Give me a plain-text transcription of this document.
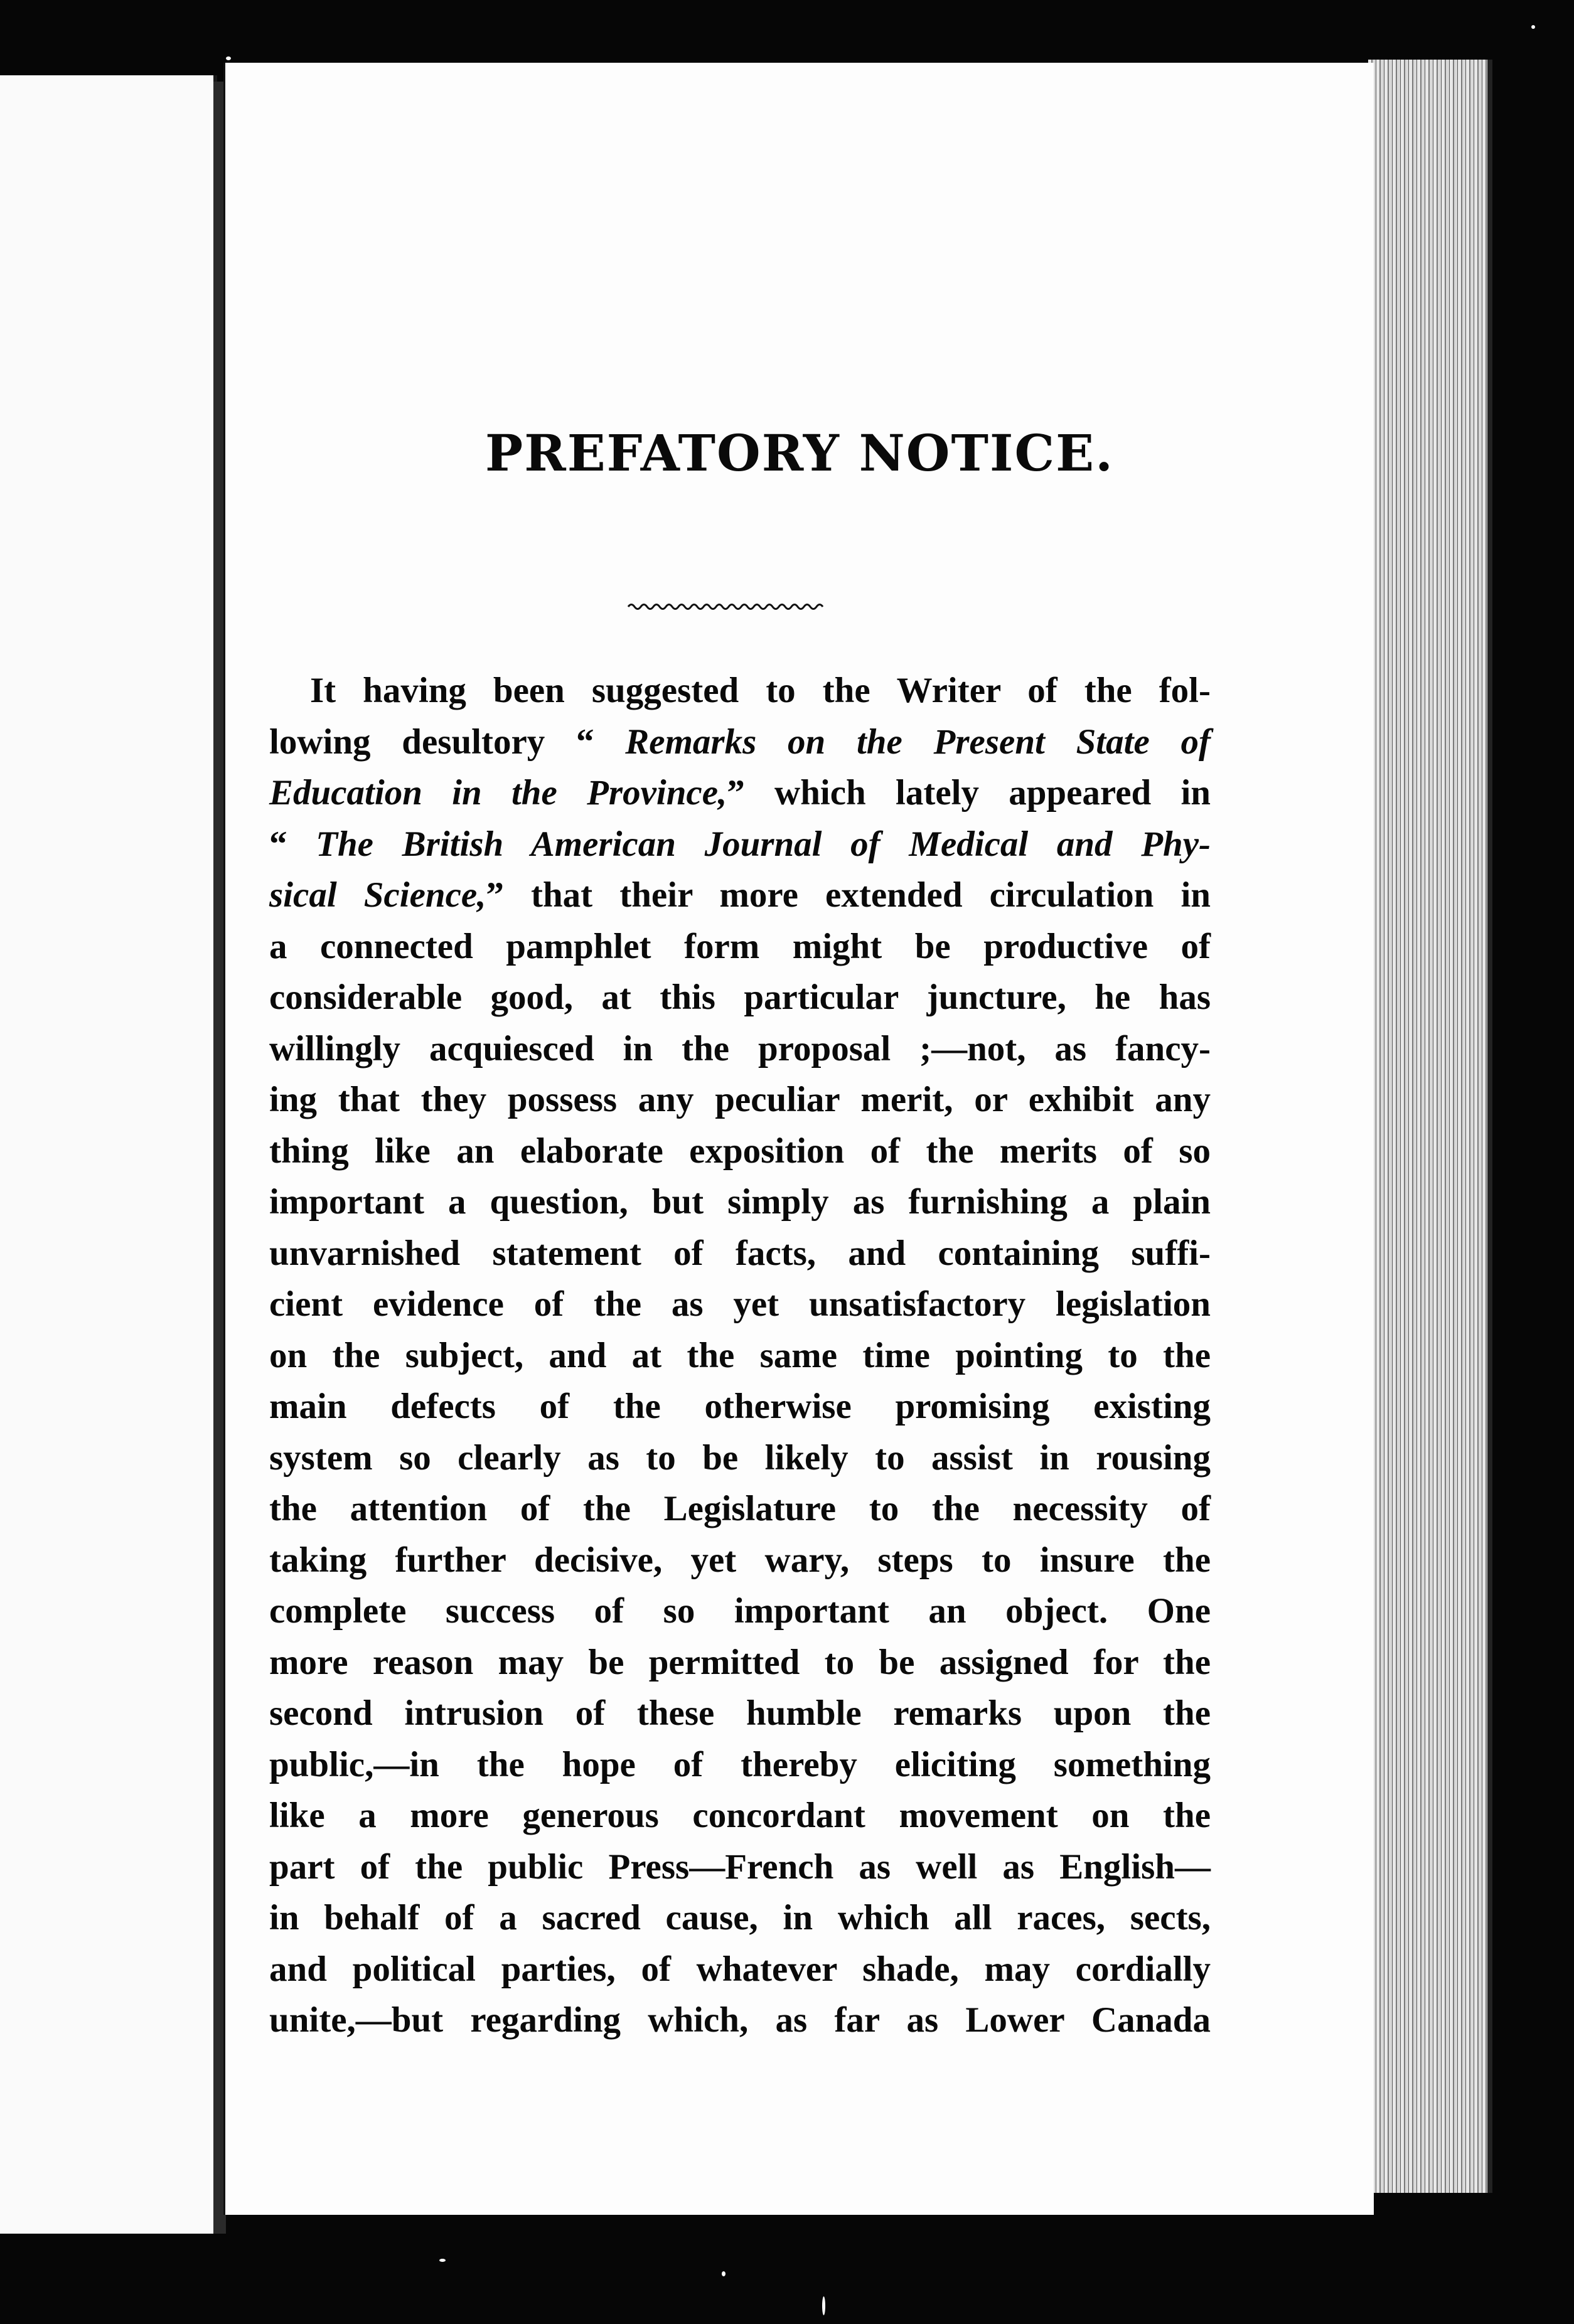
PREFATORY NOTICE.
It having been suggested to the Writer of the fol-
lowing desultory “ Remarks on the Present State of
Education in the Province,” which lately appeared in
“ The British American Journal of Medical and Phy-
sical Science,” that their more extended circulation in
a connected pamphlet form might be productive of
considerable good, at this particular juncture, he has
willingly acquiesced in the proposal ;—not, as fancy-
ing that they possess any peculiar merit, or exhibit any
thing like an elaborate exposition of the merits of so
important a question, but simply as furnishing a plain
unvarnished statement of facts, and containing suffi-
cient evidence of the as yet unsatisfactory legislation
on the subject, and at the same time pointing to the
main defects of the otherwise promising existing
system so clearly as to be likely to assist in rousing
the attention of the Legislature to the necessity of
taking further decisive, yet wary, steps to insure the
complete success of so important an object. One
more reason may be permitted to be assigned for the
second intrusion of these humble remarks upon the
public,—in the hope of thereby eliciting something
like a more generous concordant movement on the
part of the public Press—French as well as English—
in behalf of a sacred cause, in which all races, sects,
and political parties, of whatever shade, may cordially
unite,—but regarding which, as far as Lower Canada
